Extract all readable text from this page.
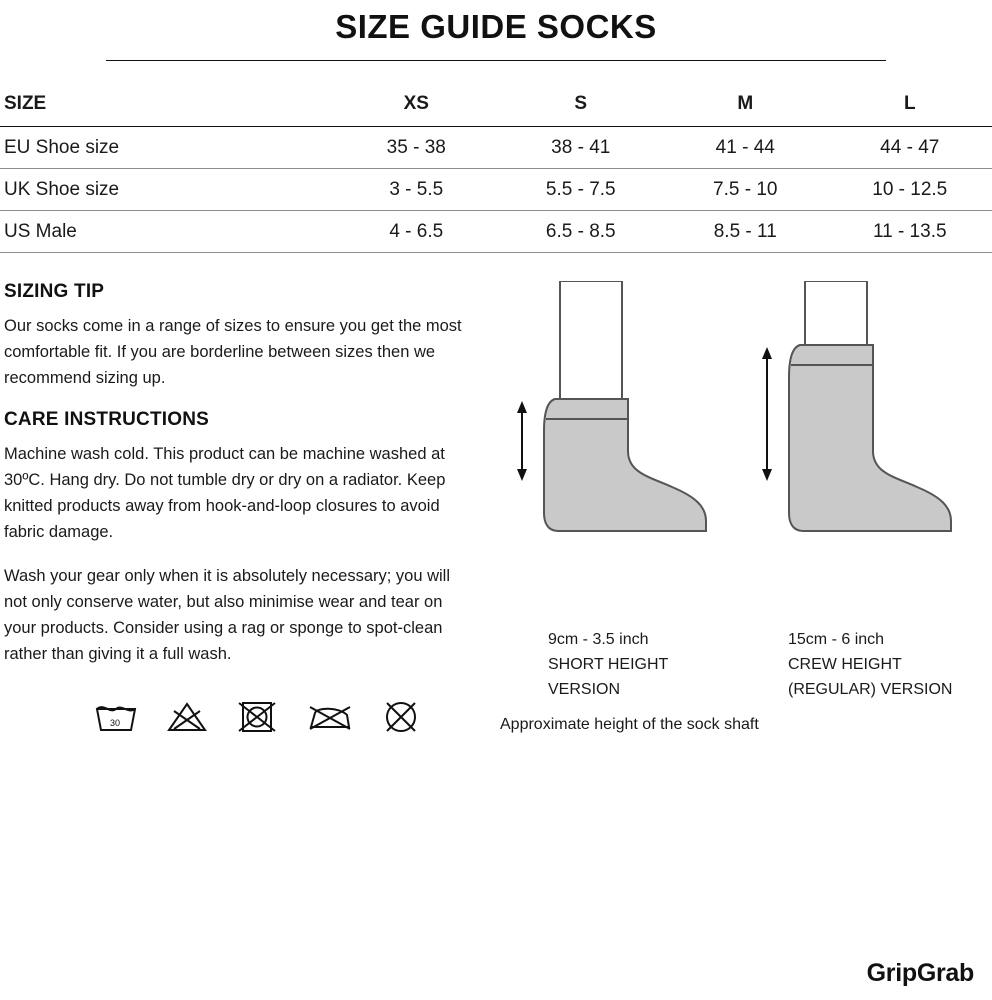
SIZE GUIDE SOCKS
SIZE	XS	S	M	L
EU Shoe size	35 - 38	38 - 41	41 - 44	44 - 47
UK Shoe size	3 - 5.5	5.5 - 7.5	7.5 - 10	10 - 12.5
US Male	4 - 6.5	6.5 - 8.5	8.5 - 11	11 - 13.5
SIZING TIP

Our socks come in a range of sizes to ensure you get the most comfortable fit. If you are borderline between sizes then we recommend sizing up.

CARE INSTRUCTIONS

Machine wash cold. This product can be machine washed at 30ºC. Hang dry. Do not tumble dry or dry on a radiator. Keep knitted products away from hook-and-loop closures to avoid fabric damage.

Wash your gear only when it is absolutely necessary; you will not only conserve water, but also minimise wear and tear on your products. Consider using a rag or sponge to spot-clean rather than giving it a full wash.

30
9cm - 3.5 inch
SHORT HEIGHT
VERSION
15cm - 6 inch
CREW HEIGHT
(REGULAR) VERSION
Approximate height of the sock shaft
GripGrab
